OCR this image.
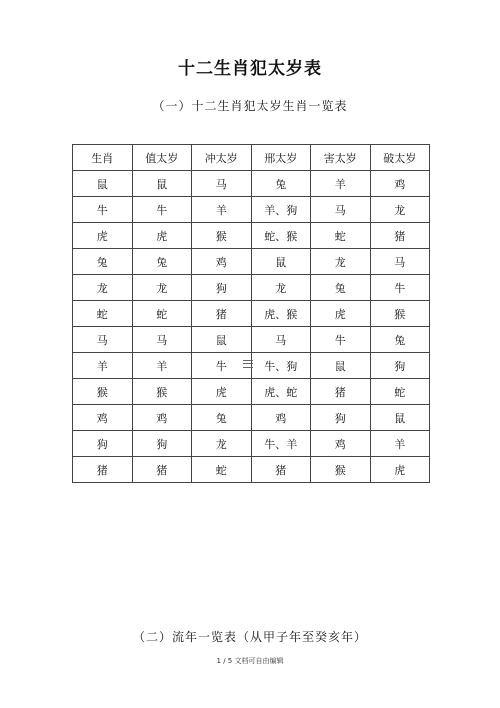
十二生肖犯太岁表
（一）十二生肖犯太岁生肖一览表
生肖	值太岁	冲太岁	邢太岁	害太岁	破太岁
鼠	鼠	马	兔	羊	鸡
牛	牛	羊	羊、狗	马	龙
虎	虎	猴	蛇、猴	蛇	猪
兔	兔	鸡	鼠	龙	马
龙	龙	狗	龙	兔	牛
蛇	蛇	猪	虎、猴	虎	猴
马	马	鼠	马	牛	兔
羊	羊	牛	牛、狗	鼠	狗
猴	猴	虎	虎、蛇	猪	蛇
鸡	鸡	兔	鸡	狗	鼠
狗	狗	龙	牛、羊	鸡	羊
猪	猪	蛇	猪	猴	虎
（二）流年一览表（从甲子年至癸亥年）
1 / 5 文档可自由编辑
